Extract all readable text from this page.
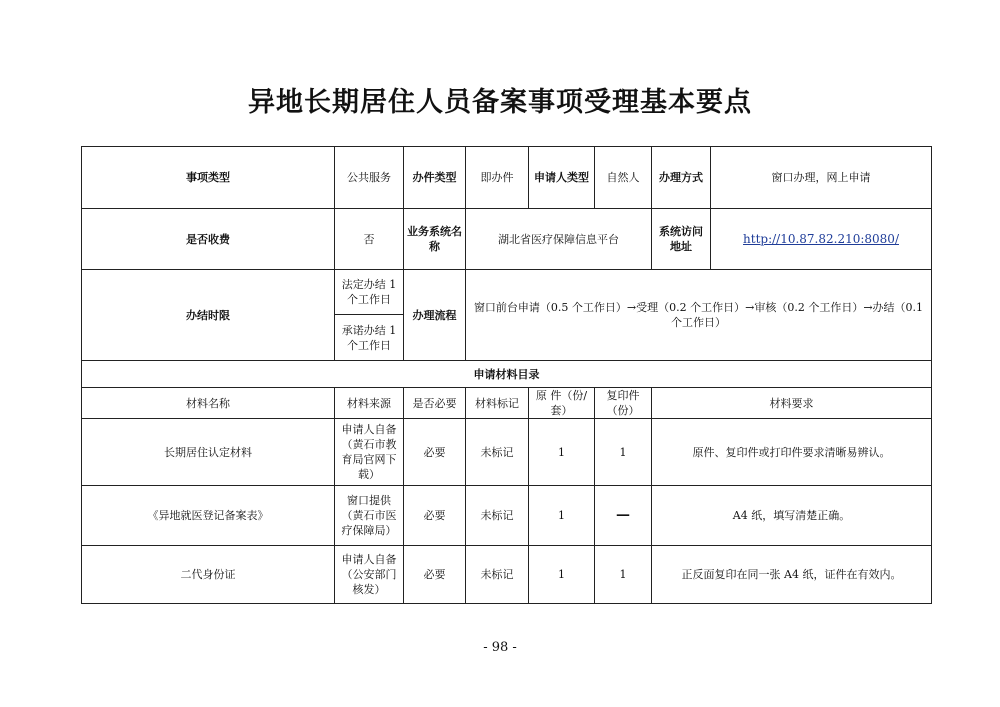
异地长期居住人员备案事项受理基本要点
事项类型	公共服务	办件类型	即办件	申请人类型	自然人	办理方式	窗口办理，网上申请
是否收费	否	业务系统名称	湖北省医疗保障信息平台			系统访问地址	http://10.87.82.210:8080/
办结时限	法定办结 1 个工作日	办理流程	窗口前台申请（0.5 个工作日）→受理（0.2 个工作日）→审核（0.2 个工作日）→办结（0.1 个工作日）				
	承诺办结 1 个工作日						
申请材料目录							
材料名称	材料来源	是否必要	材料标记	原 件（份/套）	复印件（份）	材料要求	
长期居住认定材料	申请人自备（黄石市教育局官网下载）	必要	未标记	1	1	原件、复印件或打印件要求清晰易辨认。	
《异地就医登记备案表》	窗口提供（黄石市医疗保障局）	必要	未标记	1	—	A4 纸，填写清楚正确。	
二代身份证	申请人自备（公安部门核发）	必要	未标记	1	1	正反面复印在同一张 A4 纸，证件在有效内。	
- 98 -
